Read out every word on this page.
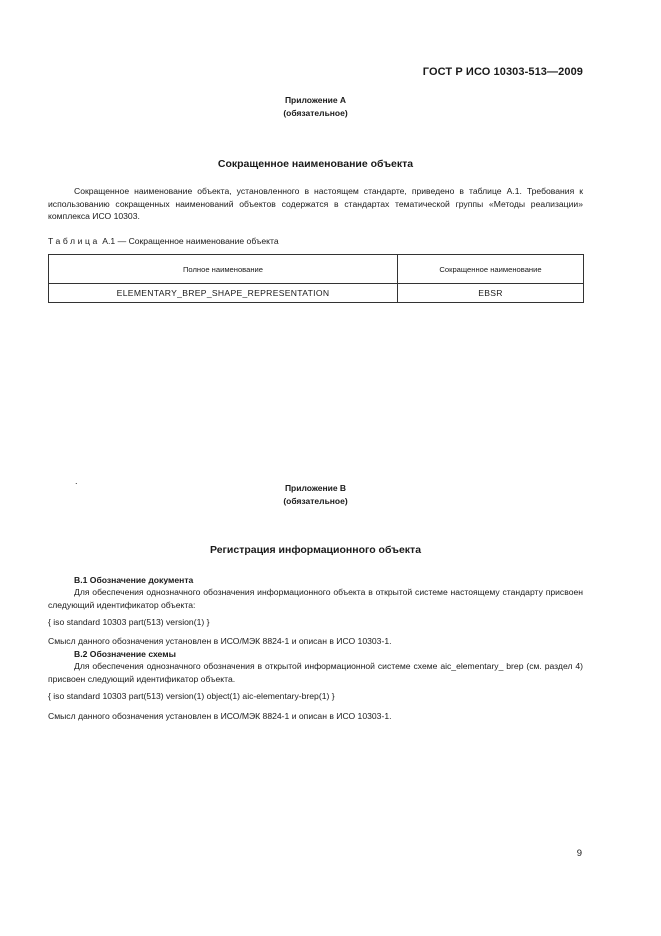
ГОСТ Р ИСО 10303-513—2009
Приложение А
(обязательное)
Сокращенное наименование объекта
Сокращенное наименование объекта, установленного в настоящем стандарте, приведено в таблице А.1. Требования к использованию сокращенных наименований объектов содержатся в стандартах тематической группы «Методы реализации» комплекса ИСО 10303.
Таблица А.1 — Сокращенное наименование объекта
Полное наименование	Сокращенное наименование
ELEMENTARY_BREP_SHAPE_REPRESENTATION	EBSR
.
Приложение В
(обязательное)
Регистрация информационного объекта
В.1 Обозначение документа
Для обеспечения однозначного обозначения информационного объекта в открытой системе настоящему стандарту присвоен следующий идентификатор объекта:
{ iso standard 10303 part(513) version(1) }
Смысл данного обозначения установлен в ИСО/МЭК 8824-1 и описан в ИСО 10303-1.
В.2 Обозначение схемы
Для обеспечения однозначного обозначения в открытой информационной системе схеме aic_elementary_ brep (см. раздел 4) присвоен следующий идентификатор объекта.
{ iso standard 10303 part(513) version(1) object(1) aic-elementary-brep(1) }
Смысл данного обозначения установлен в ИСО/МЭК 8824-1 и описан в ИСО 10303-1.
9
